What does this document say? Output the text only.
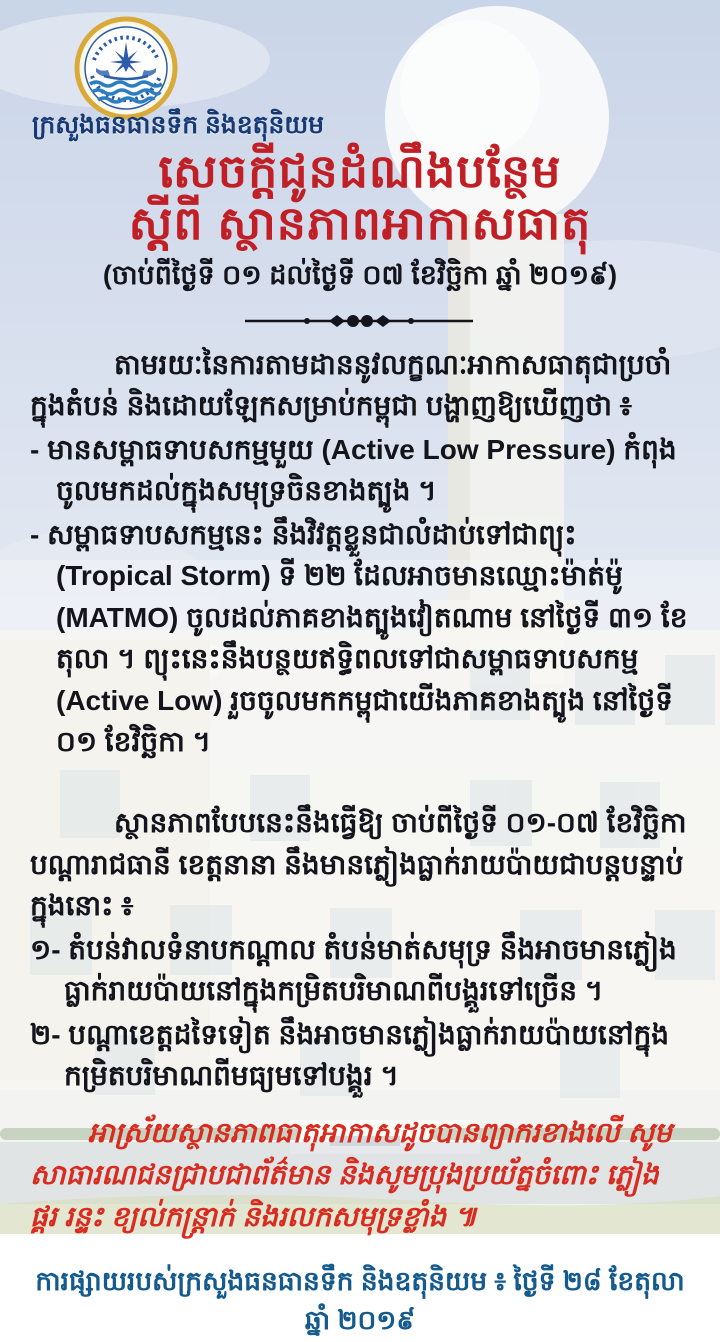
ក្រសួងធនធានទឹក និងឧតុនិយម
សេចក្តីជូនដំណឹងបន្ថែម
ស្តីពី ស្ថានភាពអាកាសធាតុ
(ចាប់ពីថ្ងៃទី ០១ ដល់ថ្ងៃទី ០៧ ខែវិច្ឆិកា ឆ្នាំ ២០១៩)

តាមរយៈនៃការតាមដាននូវលក្ខណៈអាកាសធាតុជាប្រចាំក្នុងតំបន់ និងដោយឡែកសម្រាប់កម្ពុជា បង្ហាញឱ្យឃើញថា ៖

- មានសម្ពាធទាបសកម្មមួយ (Active Low Pressure) កំពុងចូលមកដល់ក្នុងសមុទ្រចិនខាងត្បូង ។
- សម្ពាធទាបសកម្មនេះ នឹងវិវត្តខ្លួនជាលំដាប់ទៅជាព្យុះ (Tropical Storm) ទី ២២ ដែលអាចមានឈ្មោះម៉ាត់ម៉ូ (MATMO) ចូលដល់ភាគខាងត្បូងវៀតណាម នៅថ្ងៃទី ៣១ ខែតុលា ។ ព្យុះនេះនឹងបន្ថយឥទ្ធិពលទៅជាសម្ពាធទាបសកម្ម (Active Low) រួចចូលមកកម្ពុជាយើងភាគខាងត្បូង នៅថ្ងៃទី ០១ ខែវិច្ឆិកា ។

ស្ថានភាពបែបនេះនឹងធ្វើឱ្យ ចាប់ពីថ្ងៃទី ០១-០៧ ខែវិច្ឆិកា បណ្ដារាជធានី ខេត្តនានា នឹងមានភ្លៀងធ្លាក់រាយប៉ាយជាបន្តបន្ទាប់ ក្នុងនោះ ៖

១- តំបន់វាលទំនាបកណ្ដាល តំបន់មាត់សមុទ្រ នឹងអាចមានភ្លៀងធ្លាក់រាយប៉ាយនៅក្នុងកម្រិតបរិមាណពីបង្គួរទៅច្រើន ។
២- បណ្ដាខេត្តដទៃទៀត នឹងអាចមានភ្លៀងធ្លាក់រាយប៉ាយនៅក្នុងកម្រិតបរិមាណពីមធ្យមទៅបង្គួរ ។

អាស្រ័យស្ថានភាពធាតុអាកាសដូចបានព្យាករខាងលើ សូមសាធារណជនជ្រាបជាព័ត៌មាន និងសូមប្រុងប្រយ័ត្នចំពោះ ភ្លៀង ផ្គរ រន្ទះ ខ្យល់កន្ត្រាក់ និងរលកសមុទ្រខ្លាំង ៕

ការផ្សាយរបស់ក្រសួងធនធានទឹក និងឧតុនិយម ៖ ថ្ងៃទី ២៨ ខែតុលា ឆ្នាំ ២០១៩
